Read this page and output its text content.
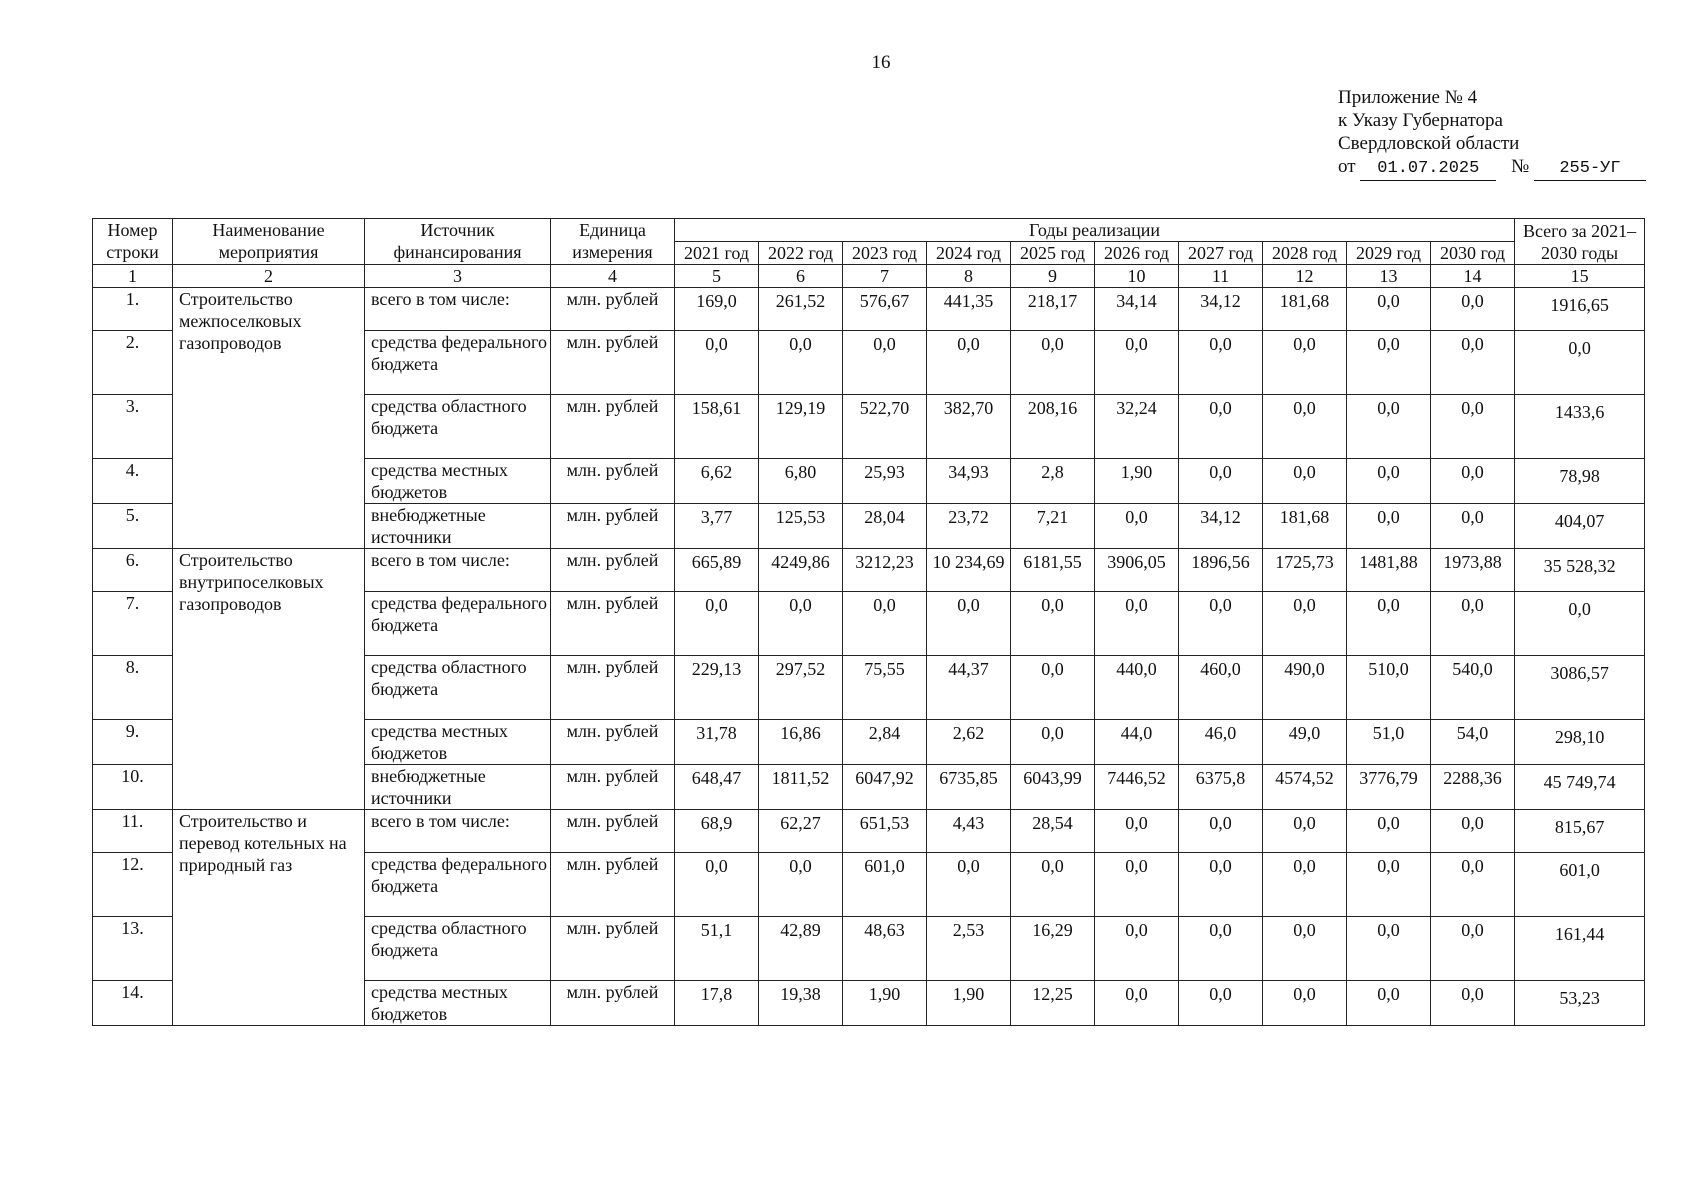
16
Приложение № 4
к Указу Губернатора
Свердловской области
от 01.07.2025 № 255-УГ
Номер строки	Наименование мероприятия	Источник финансирования	Единица измерения	Годы реализации										Всего за 2021–2030 годы
				2021 год	2022 год	2023 год	2024 год	2025 год	2026 год	2027 год	2028 год	2029 год	2030 год	
1	2	3	4	5	6	7	8	9	10	11	12	13	14	15
1.	Строительство межпоселковых газопроводов	всего в том числе:	млн. рублей	169,0	261,52	576,67	441,35	218,17	34,14	34,12	181,68	0,0	0,0	1916,65
2.		средства федерального бюджета	млн. рублей	0,0	0,0	0,0	0,0	0,0	0,0	0,0	0,0	0,0	0,0	0,0
3.		средства областного бюджета	млн. рублей	158,61	129,19	522,70	382,70	208,16	32,24	0,0	0,0	0,0	0,0	1433,6
4.		средства местных бюджетов	млн. рублей	6,62	6,80	25,93	34,93	2,8	1,90	0,0	0,0	0,0	0,0	78,98
5.		внебюджетные источники	млн. рублей	3,77	125,53	28,04	23,72	7,21	0,0	34,12	181,68	0,0	0,0	404,07
6.	Строительство внутрипоселковых газопроводов	всего в том числе:	млн. рублей	665,89	4249,86	3212,23	10 234,69	6181,55	3906,05	1896,56	1725,73	1481,88	1973,88	35 528,32
7.		средства федерального бюджета	млн. рублей	0,0	0,0	0,0	0,0	0,0	0,0	0,0	0,0	0,0	0,0	0,0
8.		средства областного бюджета	млн. рублей	229,13	297,52	75,55	44,37	0,0	440,0	460,0	490,0	510,0	540,0	3086,57
9.		средства местных бюджетов	млн. рублей	31,78	16,86	2,84	2,62	0,0	44,0	46,0	49,0	51,0	54,0	298,10
10.		внебюджетные источники	млн. рублей	648,47	1811,52	6047,92	6735,85	6043,99	7446,52	6375,8	4574,52	3776,79	2288,36	45 749,74
11.	Строительство и перевод котельных на природный газ	всего в том числе:	млн. рублей	68,9	62,27	651,53	4,43	28,54	0,0	0,0	0,0	0,0	0,0	815,67
12.		средства федерального бюджета	млн. рублей	0,0	0,0	601,0	0,0	0,0	0,0	0,0	0,0	0,0	0,0	601,0
13.		средства областного бюджета	млн. рублей	51,1	42,89	48,63	2,53	16,29	0,0	0,0	0,0	0,0	0,0	161,44
14.		средства местных бюджетов	млн. рублей	17,8	19,38	1,90	1,90	12,25	0,0	0,0	0,0	0,0	0,0	53,23
